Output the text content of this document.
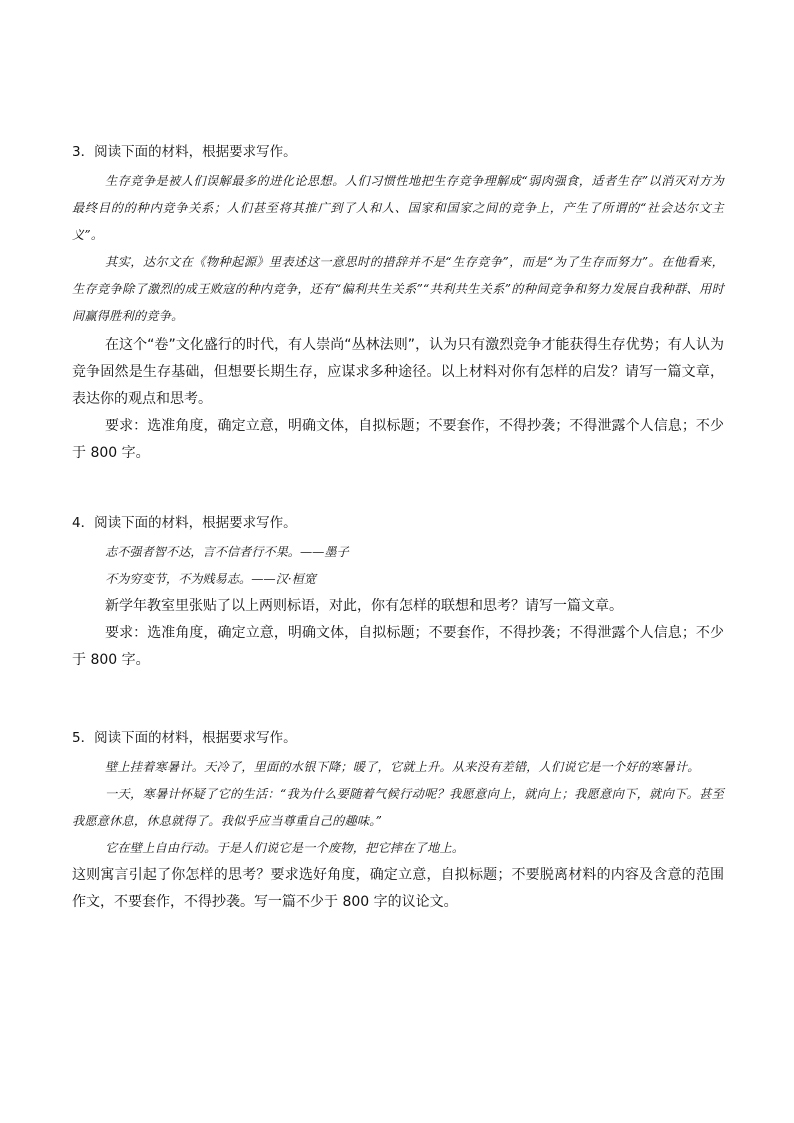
3．阅读下面的材料，根据要求写作。

生存竞争是被人们误解最多的进化论思想。人们习惯性地把生存竞争理解成“弱肉强食，适者生存”以消灭对方为最终目的的种内竞争关系；人们甚至将其推广到了人和人、国家和国家之间的竞争上，产生了所谓的“社会达尔文主义”。

其实，达尔文在《物种起源》里表述这一意思时的措辞并不是“生存竞争”，而是“为了生存而努力”。在他看来，生存竞争除了激烈的成王败寇的种内竞争，还有“偏利共生关系”“共利共生关系”的种间竞争和努力发展自我种群、用时间赢得胜利的竞争。

在这个“卷”文化盛行的时代，有人崇尚“丛林法则”，认为只有激烈竞争才能获得生存优势；有人认为竞争固然是生存基础，但想要长期生存，应谋求多种途径。以上材料对你有怎样的启发？请写一篇文章，表达你的观点和思考。

要求：选准角度，确定立意，明确文体，自拟标题；不要套作，不得抄袭；不得泄露个人信息；不少于 800 字。

4．阅读下面的材料，根据要求写作。

志不强者智不达，言不信者行不果。——墨子

不为穷变节，不为贱易志。——汉·桓宽

新学年教室里张贴了以上两则标语，对此，你有怎样的联想和思考？请写一篇文章。

要求：选准角度，确定立意，明确文体，自拟标题；不要套作，不得抄袭；不得泄露个人信息；不少于 800 字。

5．阅读下面的材料，根据要求写作。

壁上挂着寒暑计。天冷了，里面的水银下降；暖了，它就上升。从来没有差错，人们说它是一个好的寒暑计。

一天，寒暑计怀疑了它的生活：“我为什么要随着气候行动呢？我愿意向上，就向上；我愿意向下，就向下。甚至我愿意休息，休息就得了。我似乎应当尊重自己的趣味。”

它在壁上自由行动。于是人们说它是一个废物，把它摔在了地上。

这则寓言引起了你怎样的思考？要求选好角度，确定立意，自拟标题；不要脱离材料的内容及含意的范围作文，不要套作，不得抄袭。写一篇不少于 800 字的议论文。
